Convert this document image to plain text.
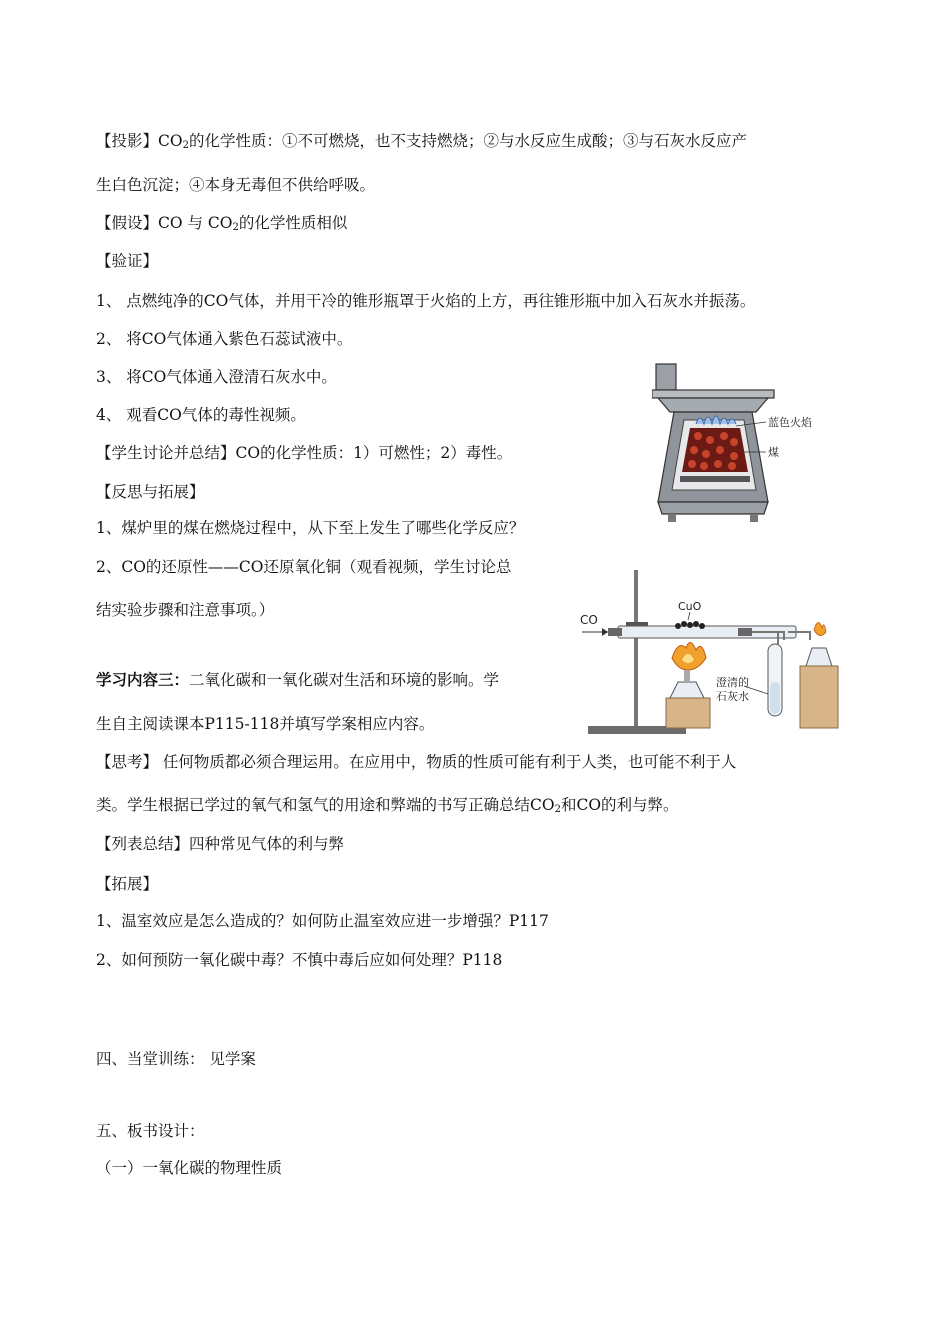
【投影】$CO_2$的化学性质：①不可燃烧，也不支持燃烧；②与水反应生成酸；③与石灰水反应产
生白色沉淀；④本身无毒但不供给呼吸。
【假设】CO 与 $CO_2$的化学性质相似
【验证】
1、 点燃纯净的CO气体，并用干冷的锥形瓶罩于火焰的上方，再往锥形瓶中加入石灰水并振荡。
2、 将CO气体通入紫色石蕊试液中。
3、 将CO气体通入澄清石灰水中。
4、 观看CO气体的毒性视频。
【学生讨论并总结】CO的化学性质：1）可燃性；2）毒性。
【反思与拓展】
1、煤炉里的煤在燃烧过程中，从下至上发生了哪些化学反应？
2、CO的还原性——CO还原氧化铜（观看视频，学生讨论总
结实验步骤和注意事项。）
学习内容三：二氧化碳和一氧化碳对生活和环境的影响。学
生自主阅读课本P115-118并填写学案相应内容。
【思考】 任何物质都必须合理运用。在应用中，物质的性质可能有利于人类，也可能不利于人
类。学生根据已学过的氧气和氢气的用途和弊端的书写正确总结$CO_2$和CO的利与弊。
【列表总结】四种常见气体的利与弊
【拓展】
1、温室效应是怎么造成的？如何防止温室效应进一步增强？P117
2、如何预防一氧化碳中毒？不慎中毒后应如何处理？P118
四、当堂训练： 见学案
五、板书设计：
（一）一氧化碳的物理性质
蓝色火焰
煤
CO
CuO
澄清的
石灰水
